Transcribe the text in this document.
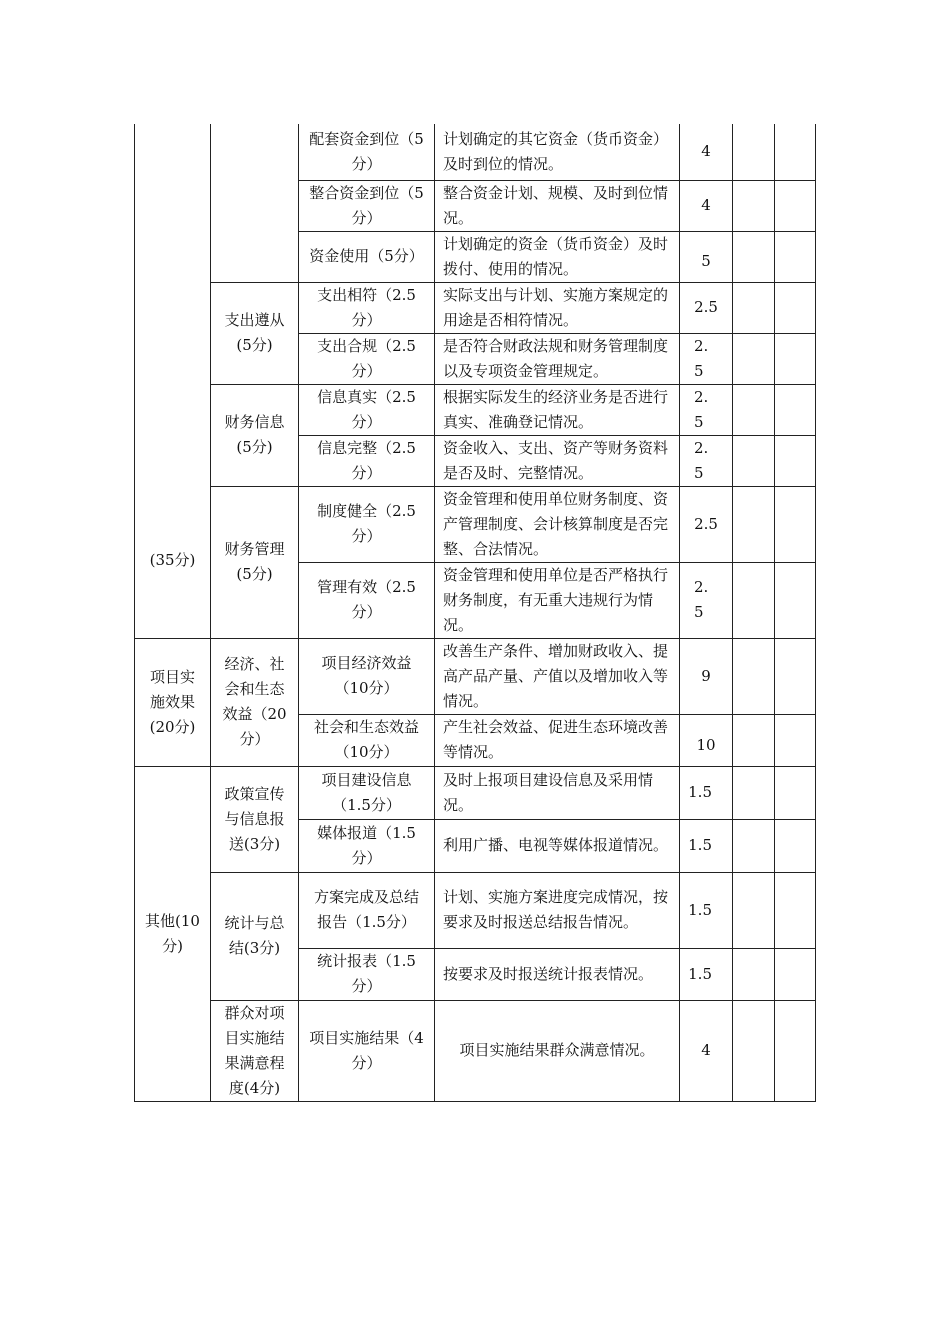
(35分)		配套资金到位（5分）	计划确定的其它资金（货币资金）及时到位的情况。	4		
		整合资金到位（5分）	整合资金计划、规模、及时到位情况。	4		
		资金使用（5分）	计划确定的资金（货币资金）及时拨付、使用的情况。	5		
	支出遵从(5分)	支出相符（2.5分）	实际支出与计划、实施方案规定的用途是否相符情况。	2.5		
		支出合规（2.5分）	是否符合财政法规和财务管理制度以及专项资金管理规定。	2.5		

	财务信息(5分)	信息真实（2.5分）	根据实际发生的经济业务是否进行真实、准确登记情况。	2.5		

		信息完整（2.5分）	资金收入、支出、资产等财务资料是否及时、完整情况。	2.5		

	财务管理(5分)	制度健全（2.5分）	资金管理和使用单位财务制度、资产管理制度、会计核算制度是否完整、合法情况。	2.5		
		管理有效（2.5分）	资金管理和使用单位是否严格执行财务制度，有无重大违规行为情况。	2.5		

项目实施效果(20分)	经济、社会和生态效益（20分）	项目经济效益（10分）	改善生产条件、增加财政收入、提高产品产量、产值以及增加收入等情况。	9		
		社会和生态效益（10分）	产生社会效益、促进生态环境改善等情况。	10		
其他(10分)	政策宣传与信息报送(3分)	项目建设信息（1.5分）	及时上报项目建设信息及采用情况。	1.5		

		媒体报道（1.5分）	利用广播、电视等媒体报道情况。	1.5		

	统计与总结(3分)	方案完成及总结报告（1.5分）	计划、实施方案进度完成情况，按要求及时报送总结报告情况。	1.5		

		统计报表（1.5分）	按要求及时报送统计报表情况。	1.5		

	群众对项目实施结果满意程度(4分)	项目实施结果（4分）	项目实施结果群众满意情况。	4		
